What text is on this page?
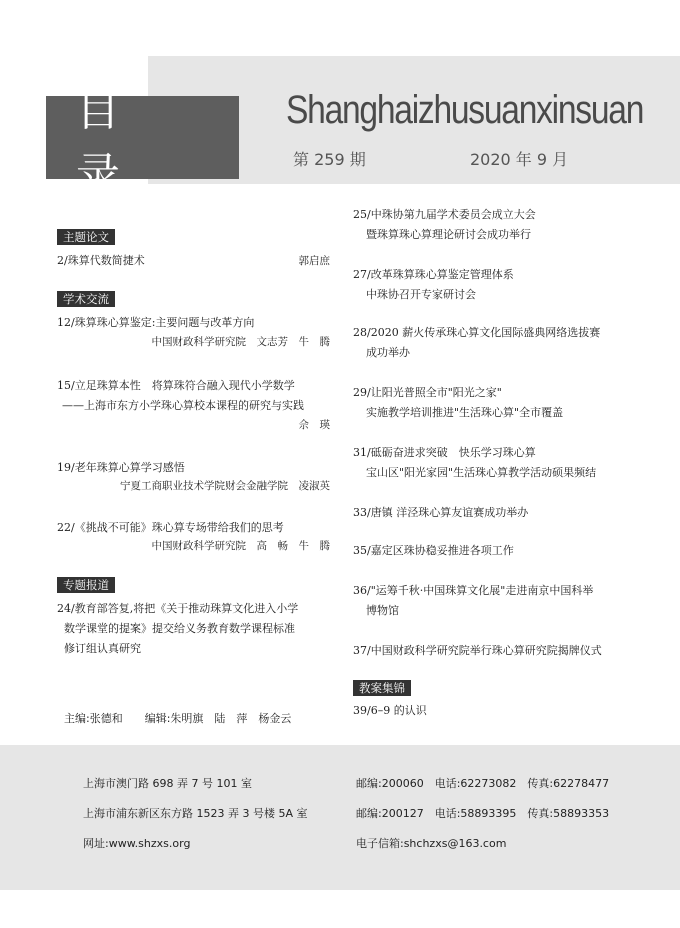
目 录
Shanghaizhusuanxinsuan
第 259 期	2020 年 9 月
主题论文
2/珠算代数简捷术	郭启庶
学术交流
12/珠算珠心算鉴定:主要问题与改革方向
中国财政科学研究院　文志芳　牛　腾
15/立足珠算本性　将算珠符合融入现代小学数学
——上海市东方小学珠心算校本课程的研究与实践
佘　瑛
19/老年珠算心算学习感悟
宁夏工商职业技术学院财会金融学院　凌淑英
22/《挑战不可能》珠心算专场带给我们的思考
中国财政科学研究院　高　畅　牛　腾
专题报道
24/教育部答复,将把《关于推动珠算文化进入小学
数学课堂的提案》提交给义务教育数学课程标准
修订组认真研究
主编:张德和　　编辑:朱明旗　陆　萍　杨金云
25/中珠协第九届学术委员会成立大会
暨珠算珠心算理论研讨会成功举行
27/改革珠算珠心算鉴定管理体系
中珠协召开专家研讨会
28/2020 薪火传承珠心算文化国际盛典网络选拔赛
成功举办
29/让阳光普照全市"阳光之家"
实施教学培训推进"生活珠心算"全市覆盖
31/砥砺奋进求突破　快乐学习珠心算
宝山区"阳光家园"生活珠心算教学活动硕果频结
33/唐镇 洋泾珠心算友谊赛成功举办
35/嘉定区珠协稳妥推进各项工作
36/"运筹千秋·中国珠算文化展"走进南京中国科举
博物馆
37/中国财政科学研究院举行珠心算研究院揭牌仪式
教案集锦
39/6–9 的认识
上海市澳门路 698 弄 7 号 101 室
上海市浦东新区东方路 1523 弄 3 号楼 5A 室
网址:www.shzxs.org
邮编:200060　电话:62273082　传真:62278477
邮编:200127　电话:58893395　传真:58893353
电子信箱:shchzxs@163.com
